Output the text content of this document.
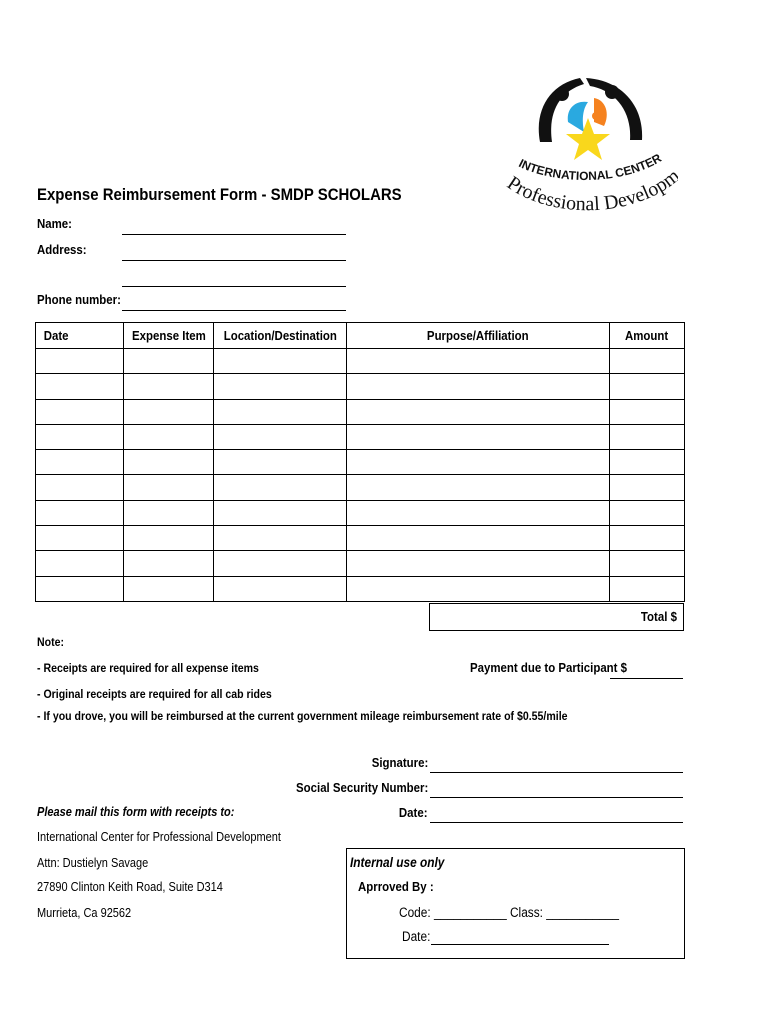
INTERNATIONAL CENTER
Professional Develop
Expense Reimbursement Form - SMDP SCHOLARS
Name:
Address:
Phone number:
Date	Expense Item	Location/Destination	Purpose/Affiliation	Amount

Total $
Note:
- Receipts are required for all expense items
- Original receipts are required for all cab rides
- If you drove, you will be reimbursed at the current government mileage reimbursement rate of $0.55/mile
Payment due to Participant $
Signature:
Social Security Number:
Date:
Please mail this form with receipts to:
International Center for Professional Development
Attn: Dustielyn Savage
27890 Clinton Keith Road, Suite D314
Murrieta, Ca 92562
Internal use only
Aprroved By :
Code: ___________ Class: ___________
Date:
